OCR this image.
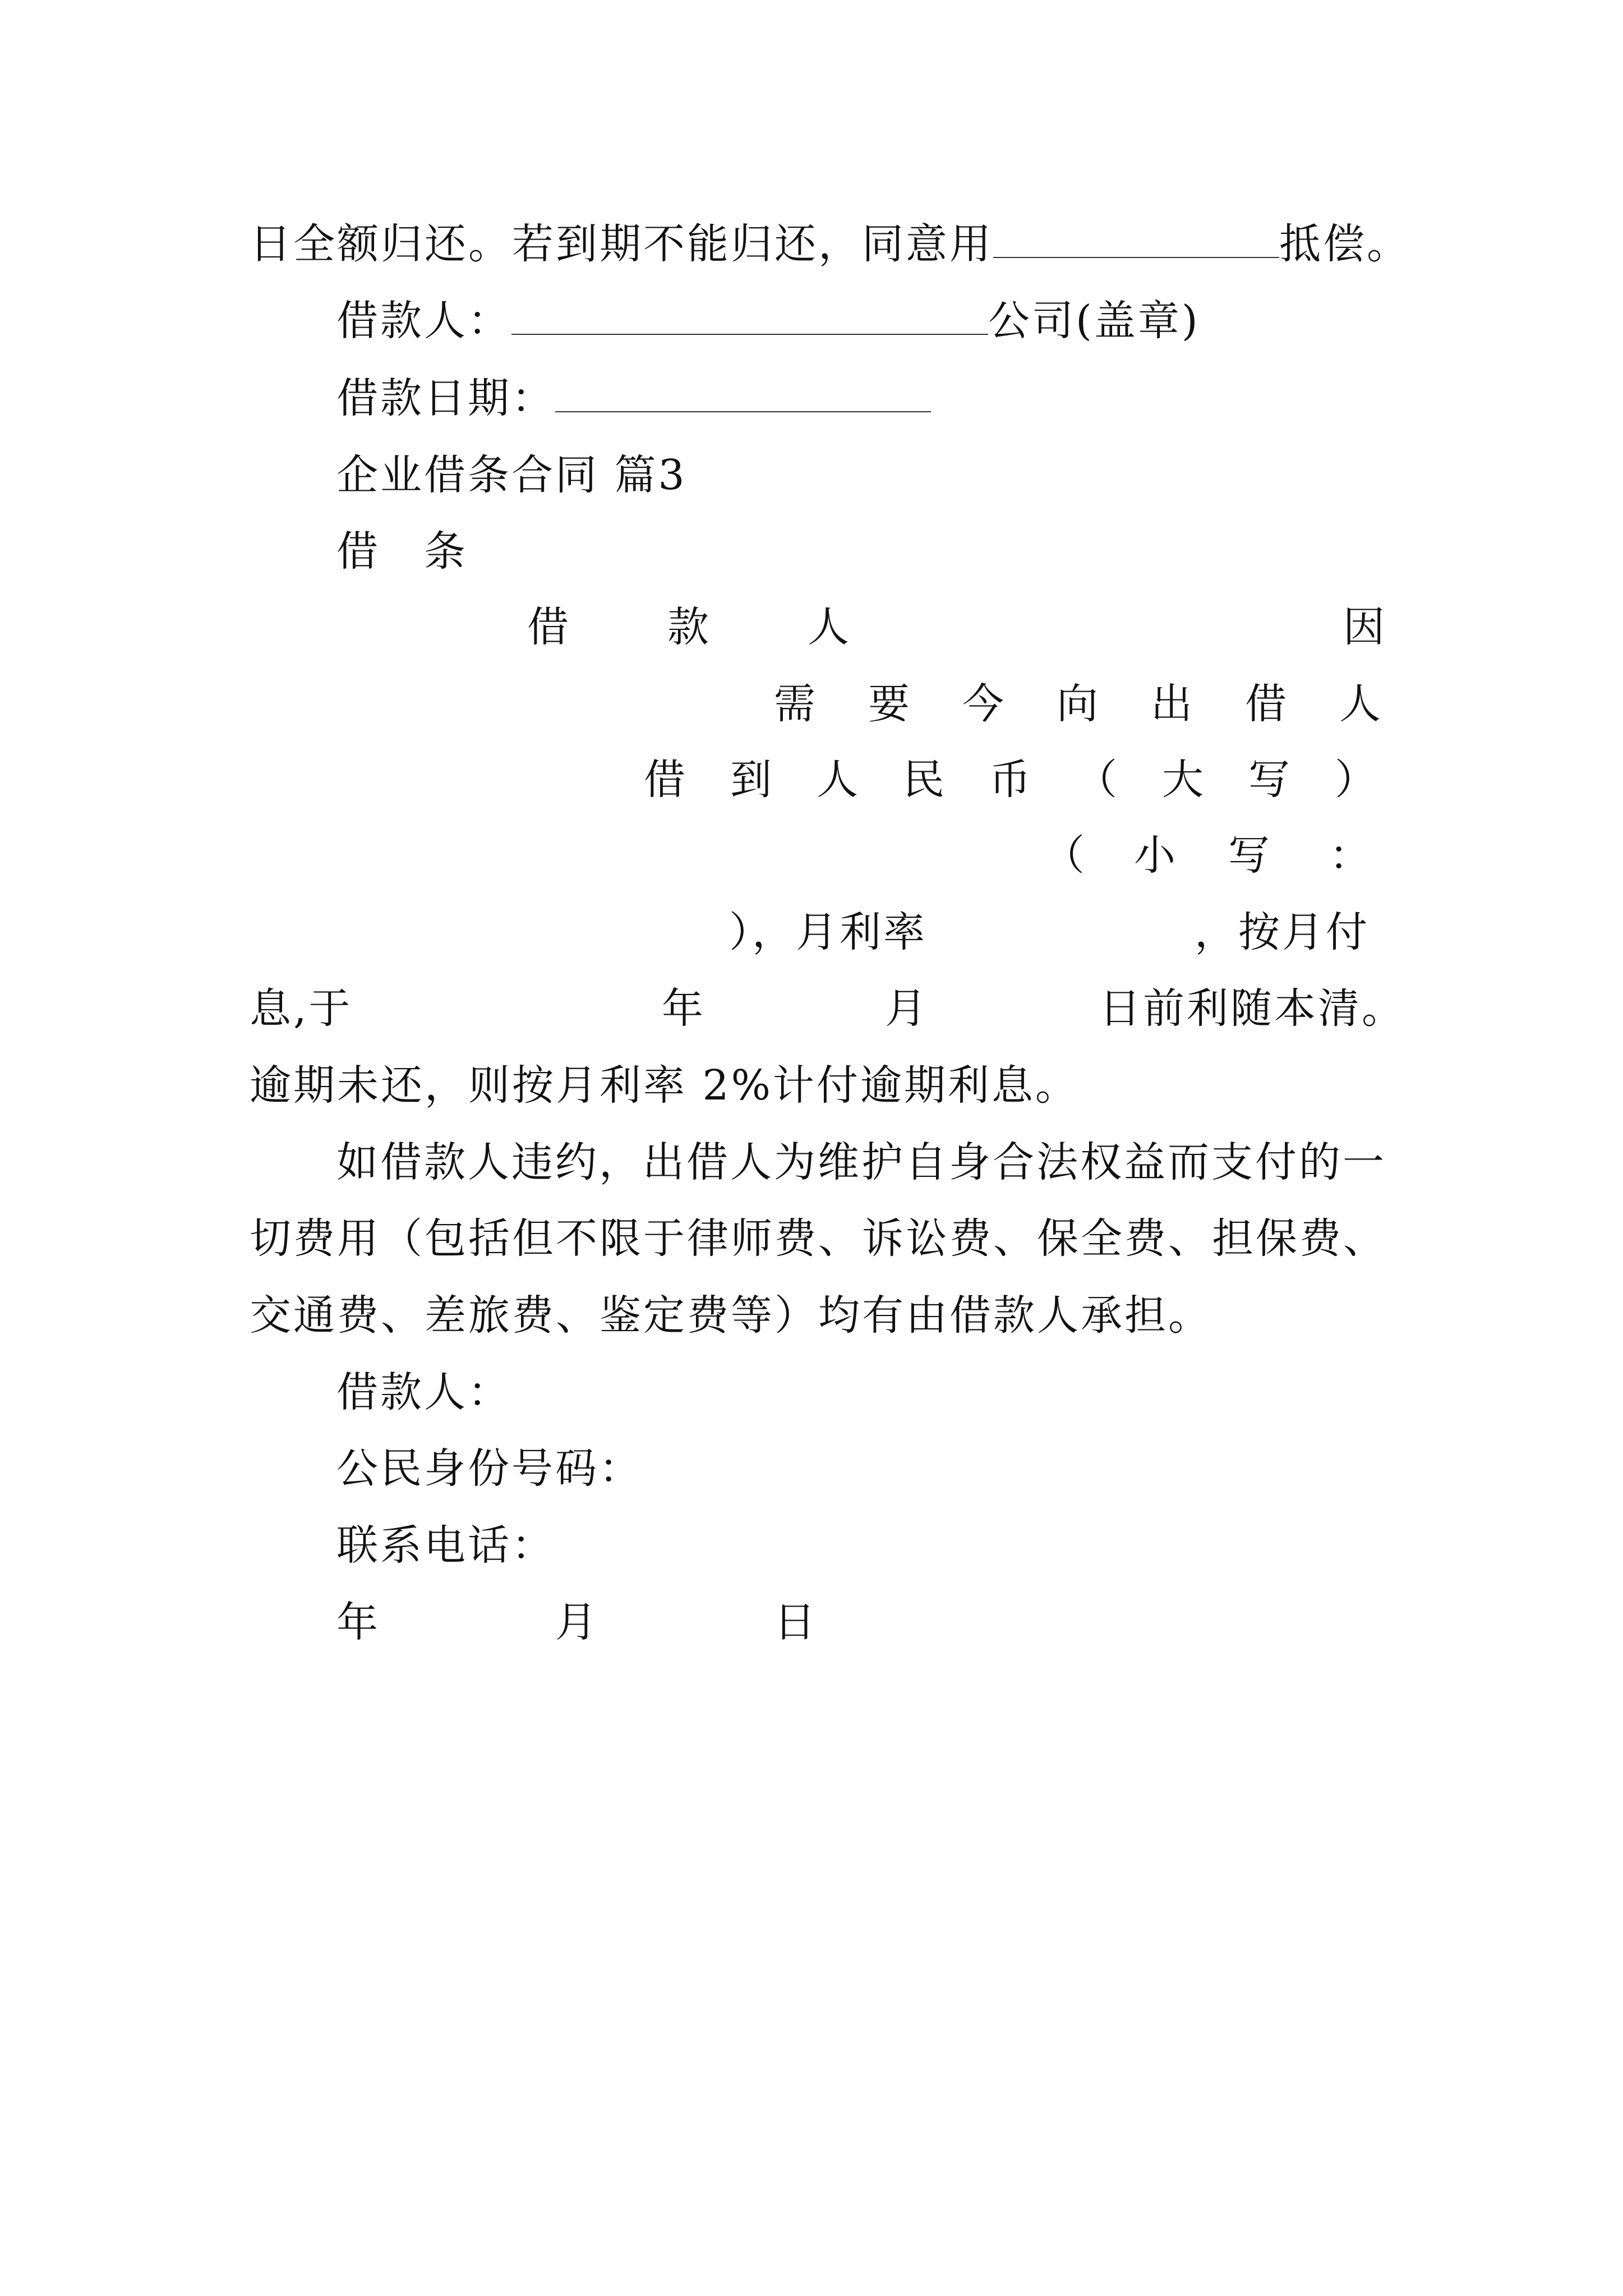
日全额归还。若到期不能归还，同意用	抵偿。
借款人：	公司(盖章)
借款日期：
企业借条合同 篇3
借　条
借 款 人	因
需 要 今 向 出 借 人
借 到 人 民 币 （ 大 写 ）
（ 小 写 ：
），月利率	，按月付
息,于	年	月	日前利随本清。
逾期未还，则按月利率 2%计付逾期利息。
如借款人违约，出借人为维护自身合法权益而支付的一
切费用（包括但不限于律师费、诉讼费、保全费、担保费、
交通费、差旅费、鉴定费等）均有由借款人承担。
借款人：
公民身份号码：
联系电话：
年	月	日
